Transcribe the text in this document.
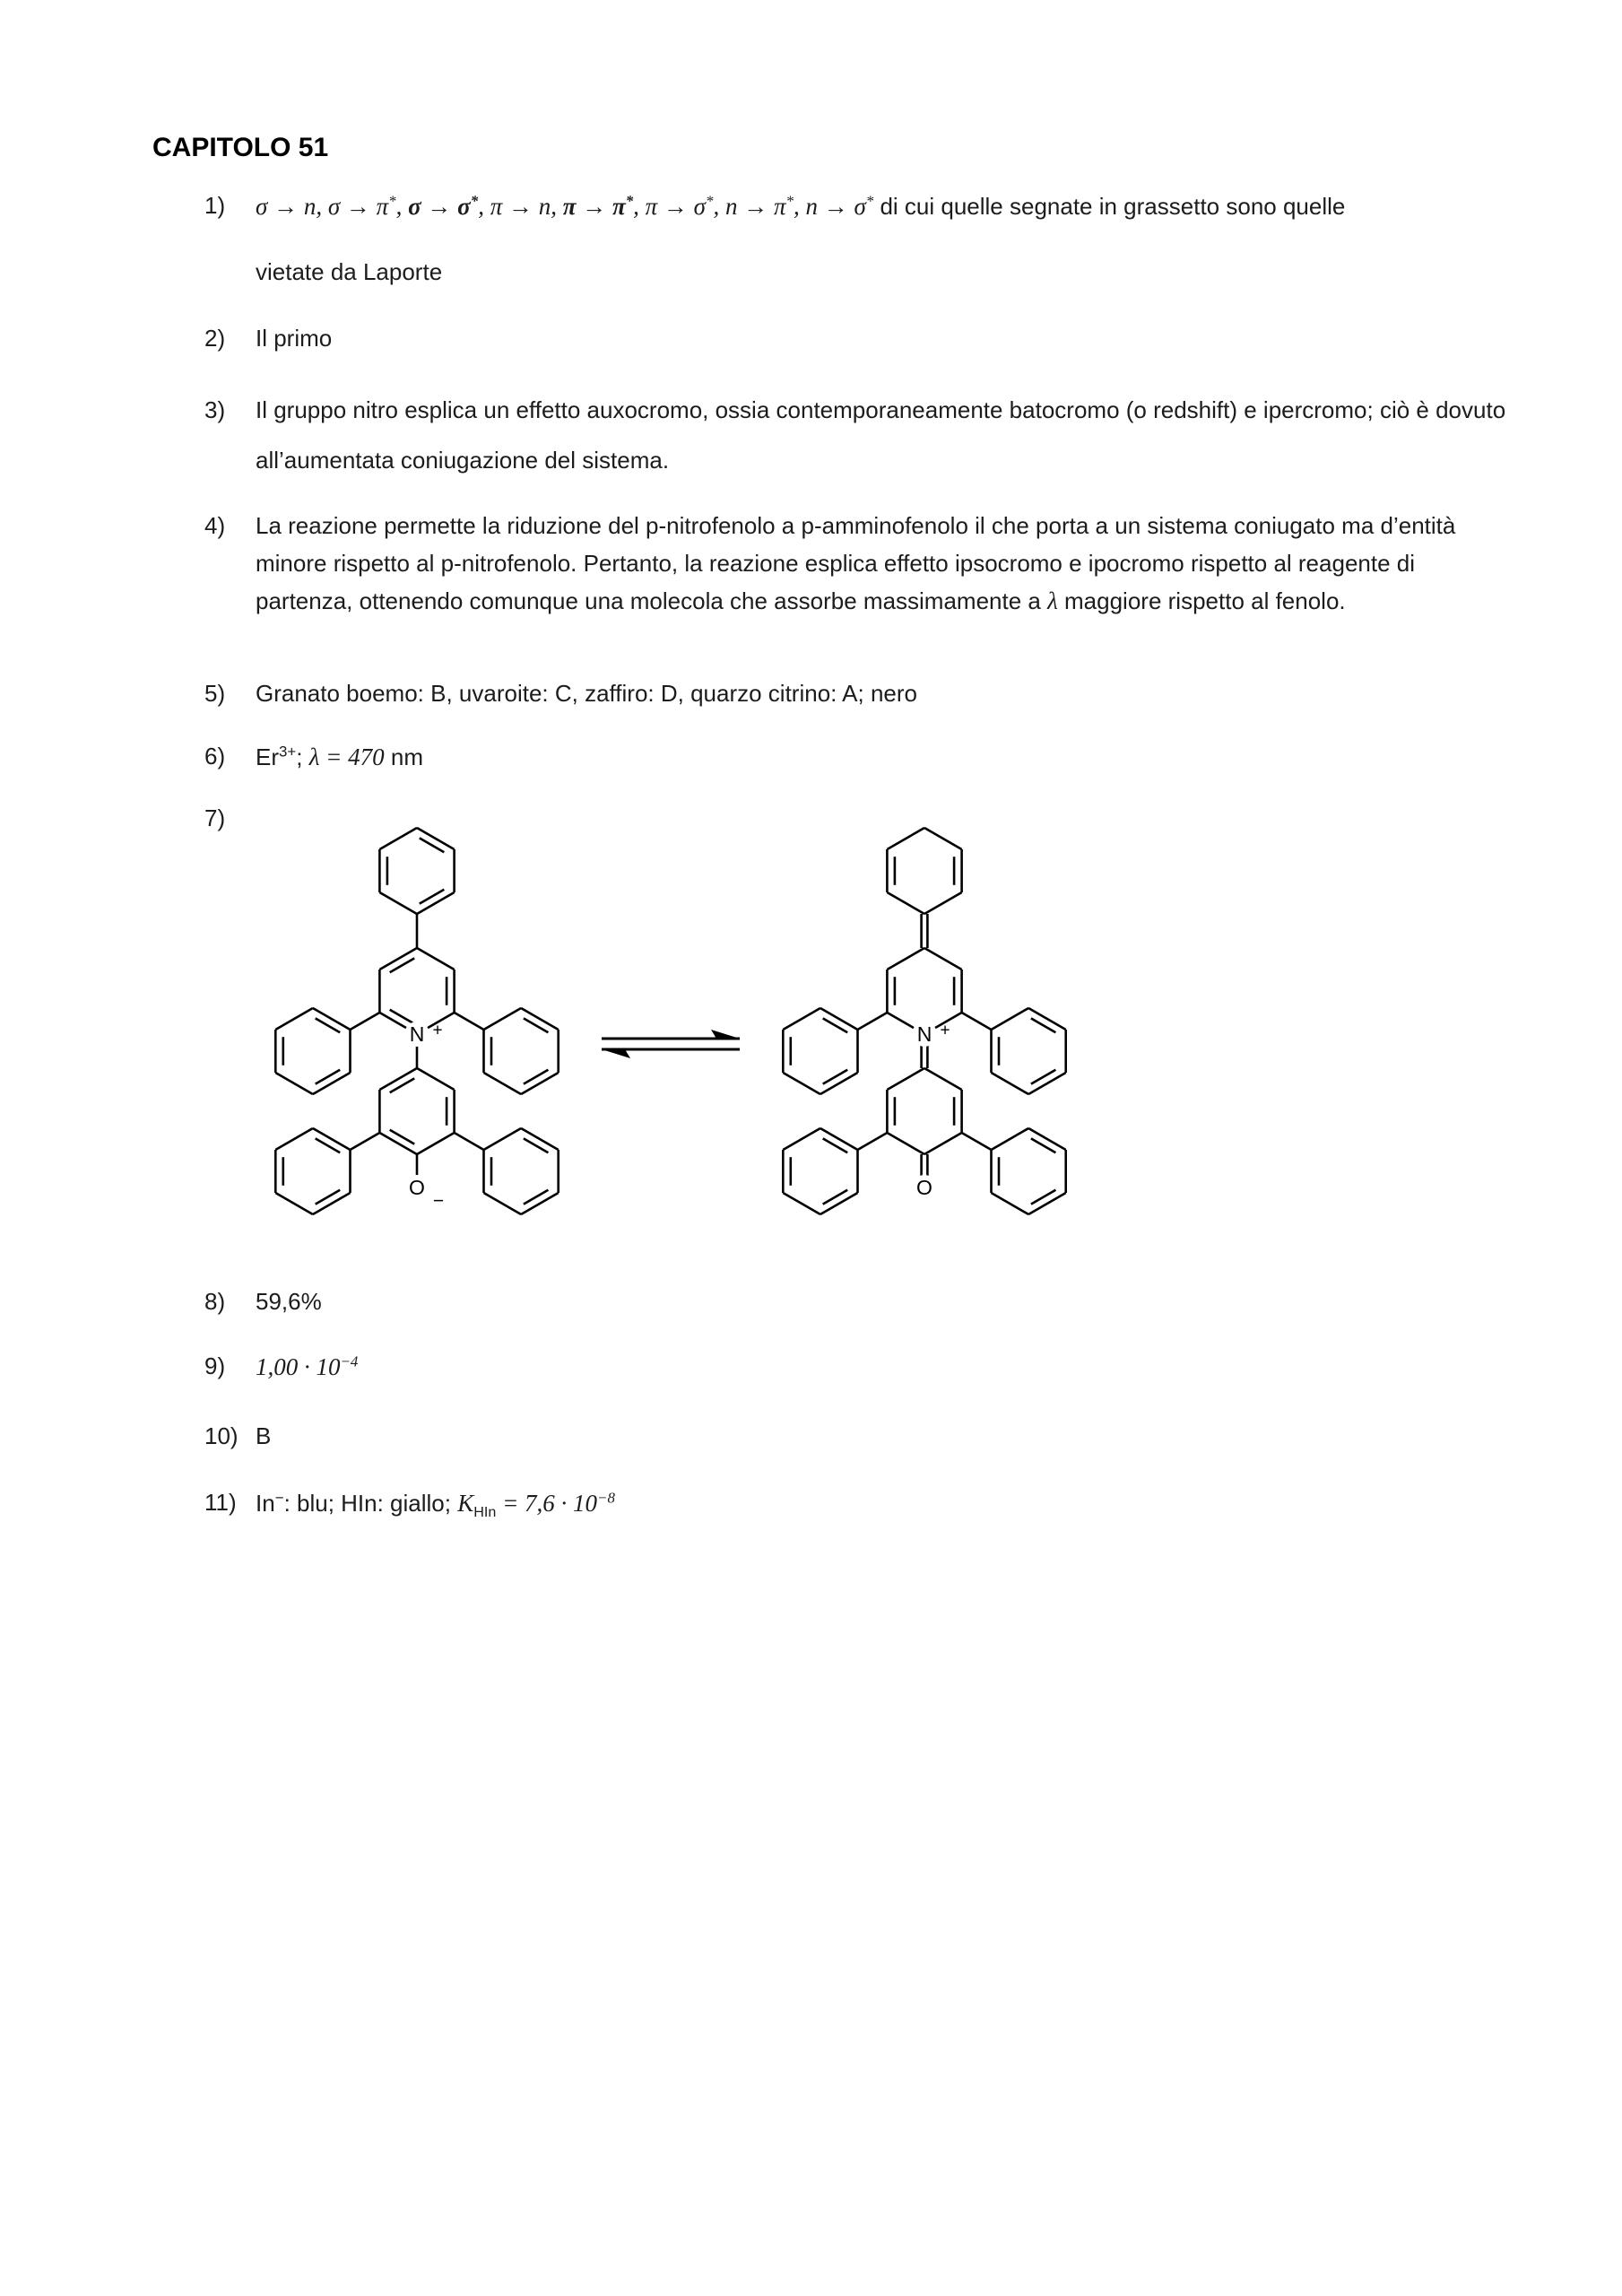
CAPITOLO 51
1)	σ → n, σ → π*, σ → σ*, π → n, π → π*, π → σ*, n → π*, n → σ* di cui quelle segnate in grassetto sono quelle
vietate da Laporte
2)	Il primo
3)	Il gruppo nitro esplica un effetto auxocromo, ossia contemporaneamente batocromo (o redshift) e ipercromo; ciò è dovuto all’aumentata coniugazione del sistema.
4)	La reazione permette la riduzione del p-nitrofenolo a p-amminofenolo il che porta a un sistema coniugato ma d’entità minore rispetto al p-nitrofenolo. Pertanto, la reazione esplica effetto ipsocromo e ipocromo rispetto al reagente di partenza, ottenendo comunque una molecola che assorbe massimamente a λ maggiore rispetto al fenolo.
5)	Granato boemo: B, uvaroite: C, zaffiro: D, quarzo citrino: A; nero
6)	$Er^{3+}$; λ = 470 nm
7)
N +
O
−
N +
O
8)	59,6%
9)	$1,00 \cdot 10^{-4}$
10) B
11) In−: blu; HIn: giallo; $K_{HIn} = 7,6 \cdot 10^{-8}$
